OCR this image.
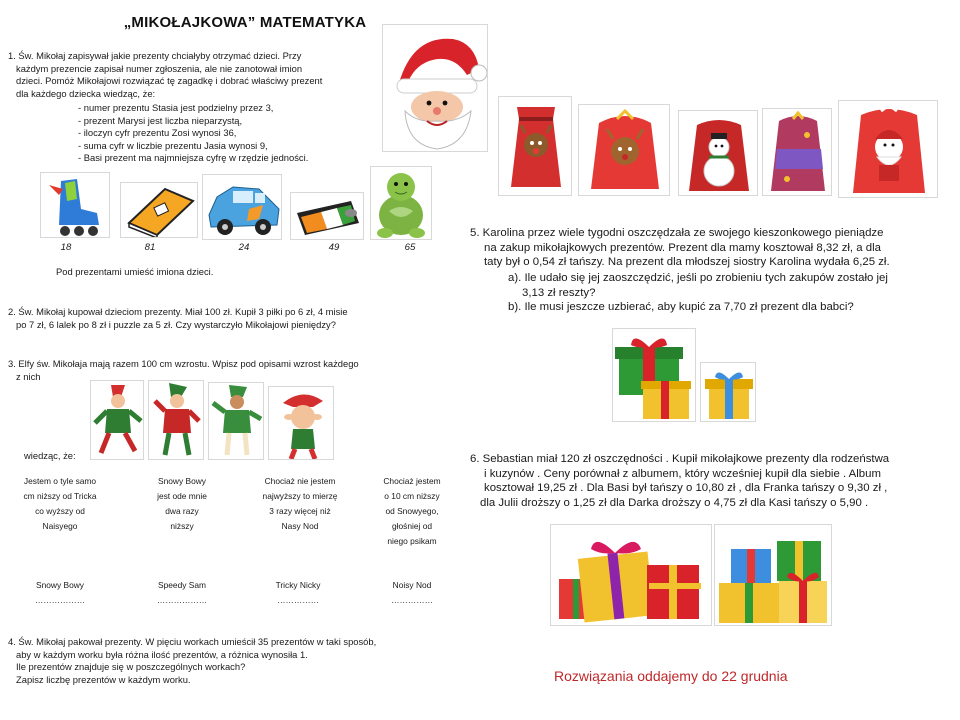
„MIKOŁAJKOWA” MATEMATYKA
1. Św. Mikołaj zapisywał jakie prezenty chciałyby otrzymać dzieci. Przy
każdym prezencie zapisał numer zgłoszenia, ale nie zanotował imion
dzieci. Pomóż Mikołajowi rozwiązać tę zagadkę i dobrać właściwy prezent
dla każdego dziecka wiedząc, że:
- numer prezentu Stasia jest podzielny przez 3,
- prezent Marysi jest liczba nieparzystą,
- iloczyn cyfr prezentu Zosi wynosi 36,
- suma cyfr w liczbie prezentu Jasia wynosi 9,
- Basi prezent ma najmniejsza cyfrę w rzędzie jedności.
18	81	24	49	65
Pod prezentami umieść imiona dzieci.
2. Św. Mikołaj kupował dzieciom prezenty. Miał 100 zł. Kupił 3 piłki po 6 zł, 4 misie
po 7 zł, 6 lalek po 8 zł i puzzle za 5 zł. Czy wystarczyło Mikołajowi pieniędzy?
3. Elfy św. Mikołaja mają razem 100 cm wzrostu. Wpisz pod opisami wzrost każdego
z nich
wiedząc, że:
Jestem o tyle samo
cm niższy od Tricka
co wyższy od
Naisyego
Snowy Bowy
jest ode mnie
dwa razy
niższy
Chociaż nie jestem
najwyższy to mierzę
3 razy więcej niż
Nasy Nod
Chociaż jestem
o 10 cm niższy
od Snowyego,
głośniej od
niego psikam
Snowy Bowy
………………
Speedy Sam
………………
Tricky Nicky
……………
Noisy Nod
……………
4. Św. Mikołaj pakował prezenty. W pięciu workach umieścił 35 prezentów w taki sposób,
aby w każdym worku była różna ilość prezentów, a różnica wynosiła 1.
Ile prezentów znajduje się w poszczególnych workach?
Zapisz liczbę prezentów w każdym worku.
5. Karolina przez wiele tygodni oszczędzała ze swojego kieszonkowego pieniądze
na zakup mikołajkowych prezentów. Prezent dla mamy kosztował 8,32 zł, a dla
taty był o 0,54 zł tańszy. Na prezent dla młodszej siostry Karolina wydała 6,25 zł.
a). Ile udało się jej zaoszczędzić, jeśli po zrobieniu tych zakupów zostało jej
3,13 zł reszty?
b). Ile musi jeszcze uzbierać, aby kupić za 7,70 zł prezent dla babci?
6. Sebastian miał 120 zł oszczędności . Kupił mikołajkowe prezenty dla rodzeństwa
i kuzynów . Ceny porównał z albumem, który wcześniej kupił dla siebie . Album
kosztował 19,25 zł . Dla Basi był tańszy o 10,80 zł , dla Franka tańszy o 9,30 zł ,
dla Julii droższy o 1,25 zł dla Darka droższy o 4,75 zł dla Kasi tańszy o 5,90 .
Rozwiązania oddajemy do 22 grudnia
